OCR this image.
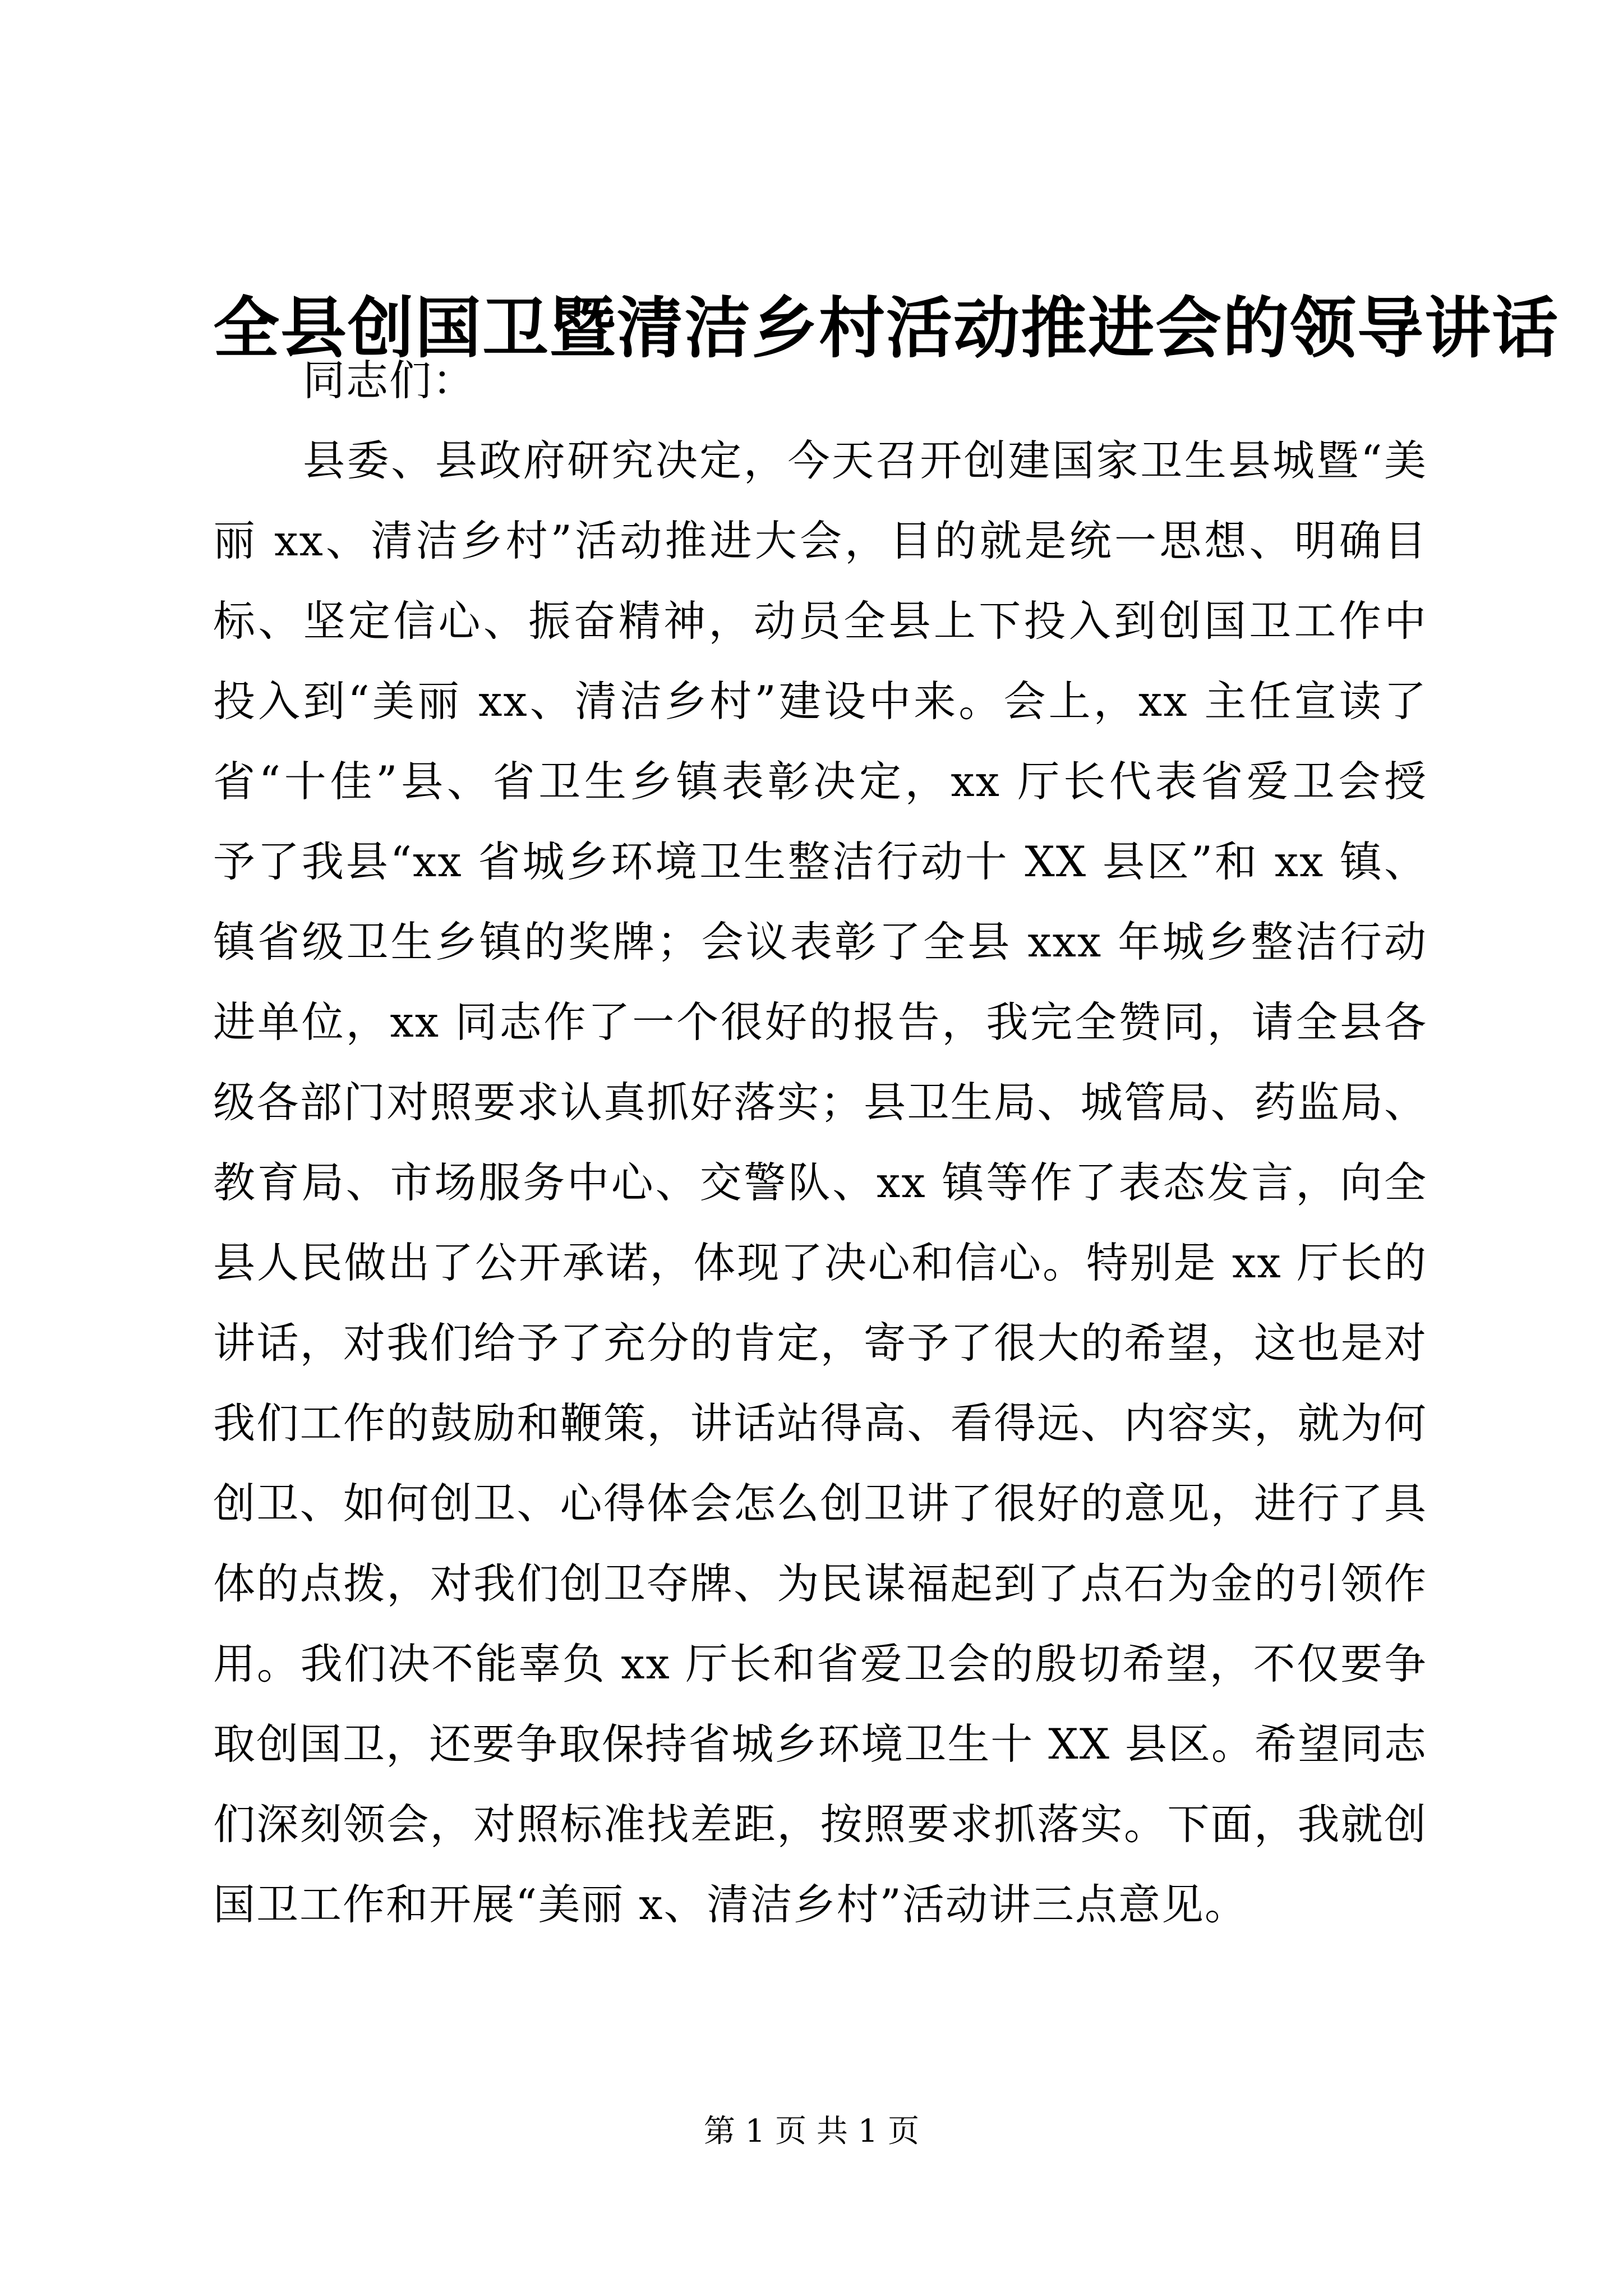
全县创国卫暨清洁乡村活动推进会的领导讲话
同志们：
县委、县政府研究决定，今天召开创建国家卫生县城暨“美
丽 xx、清洁乡村”活动推进大会，目的就是统一思想、明确目
标、坚定信心、振奋精神，动员全县上下投入到创国卫工作中
投入到“美丽 xx、清洁乡村”建设中来。会上，xx 主任宣读了
省“十佳”县、省卫生乡镇表彰决定，xx 厅长代表省爱卫会授
予了我县“xx 省城乡环境卫生整洁行动十 XX 县区”和 xx 镇、
镇省级卫生乡镇的奖牌；会议表彰了全县 xxx 年城乡整洁行动
进单位，xx 同志作了一个很好的报告，我完全赞同，请全县各
级各部门对照要求认真抓好落实；县卫生局、城管局、药监局、
教育局、市场服务中心、交警队、xx 镇等作了表态发言，向全
县人民做出了公开承诺，体现了决心和信心。特别是 xx 厅长的
讲话，对我们给予了充分的肯定，寄予了很大的希望，这也是对
我们工作的鼓励和鞭策，讲话站得高、看得远、内容实，就为何
创卫、如何创卫、心得体会怎么创卫讲了很好的意见，进行了具
体的点拨，对我们创卫夺牌、为民谋福起到了点石为金的引领作
用。我们决不能辜负 xx 厅长和省爱卫会的殷切希望，不仅要争
取创国卫，还要争取保持省城乡环境卫生十 XX 县区。希望同志
们深刻领会，对照标准找差距，按照要求抓落实。下面，我就创
国卫工作和开展“美丽 x、清洁乡村”活动讲三点意见。
第 1 页 共 1 页
